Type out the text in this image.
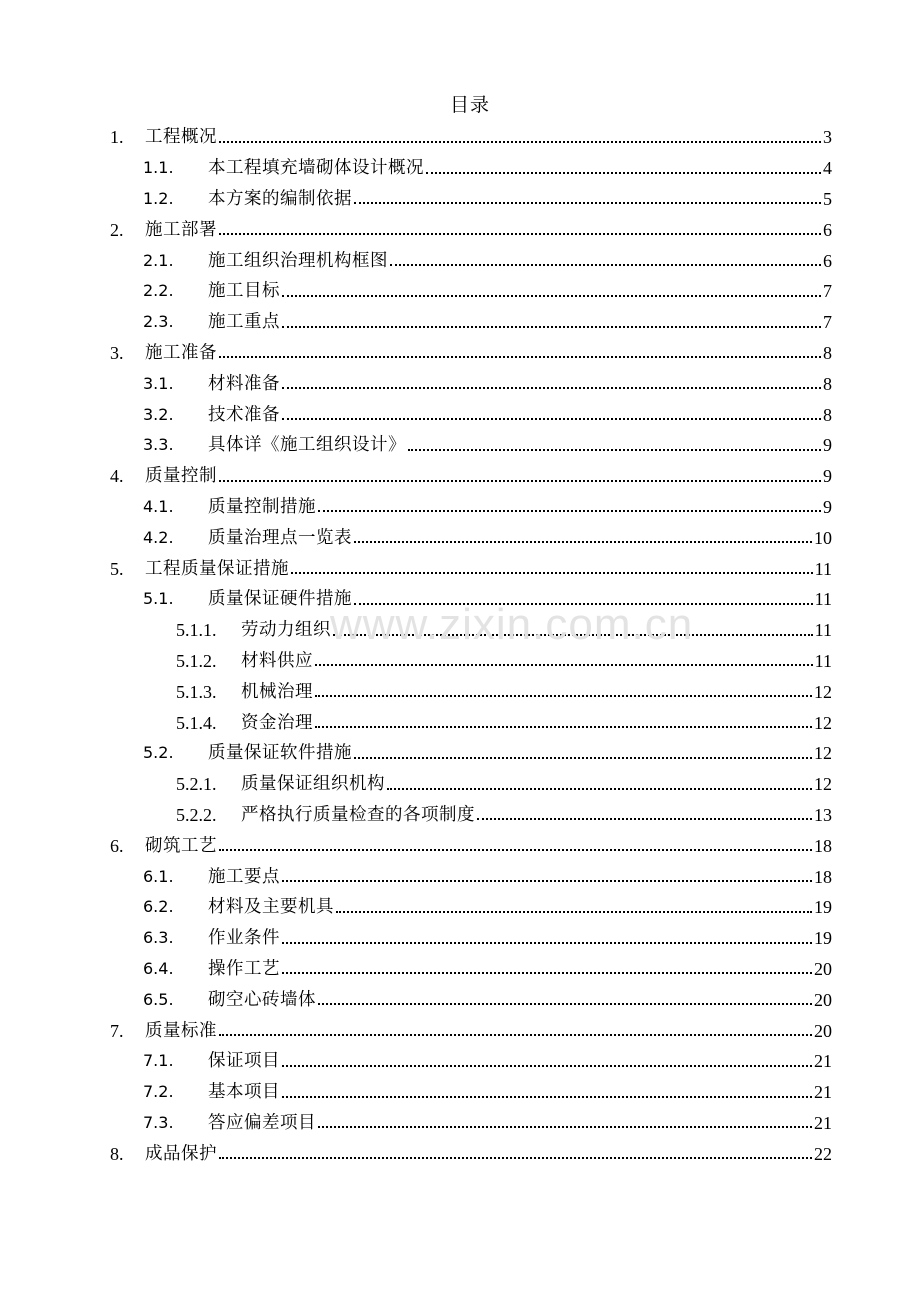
目录
1.	工程概况	3
1.1.	本工程填充墙砌体设计概况	4
1.2.	本方案的编制依据	5
2.	施工部署	6
2.1.	施工组织治理机构框图	6
2.2.	施工目标	7
2.3.	施工重点	7
3.	施工准备	8
3.1.	材料准备	8
3.2.	技术准备	8
3.3.	具体详《施工组织设计》	9
4.	质量控制	9
4.1.	质量控制措施	9
4.2.	质量治理点一览表	10
5.	工程质量保证措施	11
5.1.	质量保证硬件措施	11
5.1.1.	劳动力组织	11
5.1.2.	材料供应	11
5.1.3.	机械治理	12
5.1.4.	资金治理	12
5.2.	质量保证软件措施	12
5.2.1.	质量保证组织机构	12
5.2.2.	严格执行质量检查的各项制度	13
6.	砌筑工艺	18
6.1.	施工要点	18
6.2.	材料及主要机具	19
6.3.	作业条件	19
6.4.	操作工艺	20
6.5.	砌空心砖墙体	20
7.	质量标准	20
7.1.	保证项目	21
7.2.	基本项目	21
7.3.	答应偏差项目	21
8.	成品保护	22
www.zixin.com.cn
